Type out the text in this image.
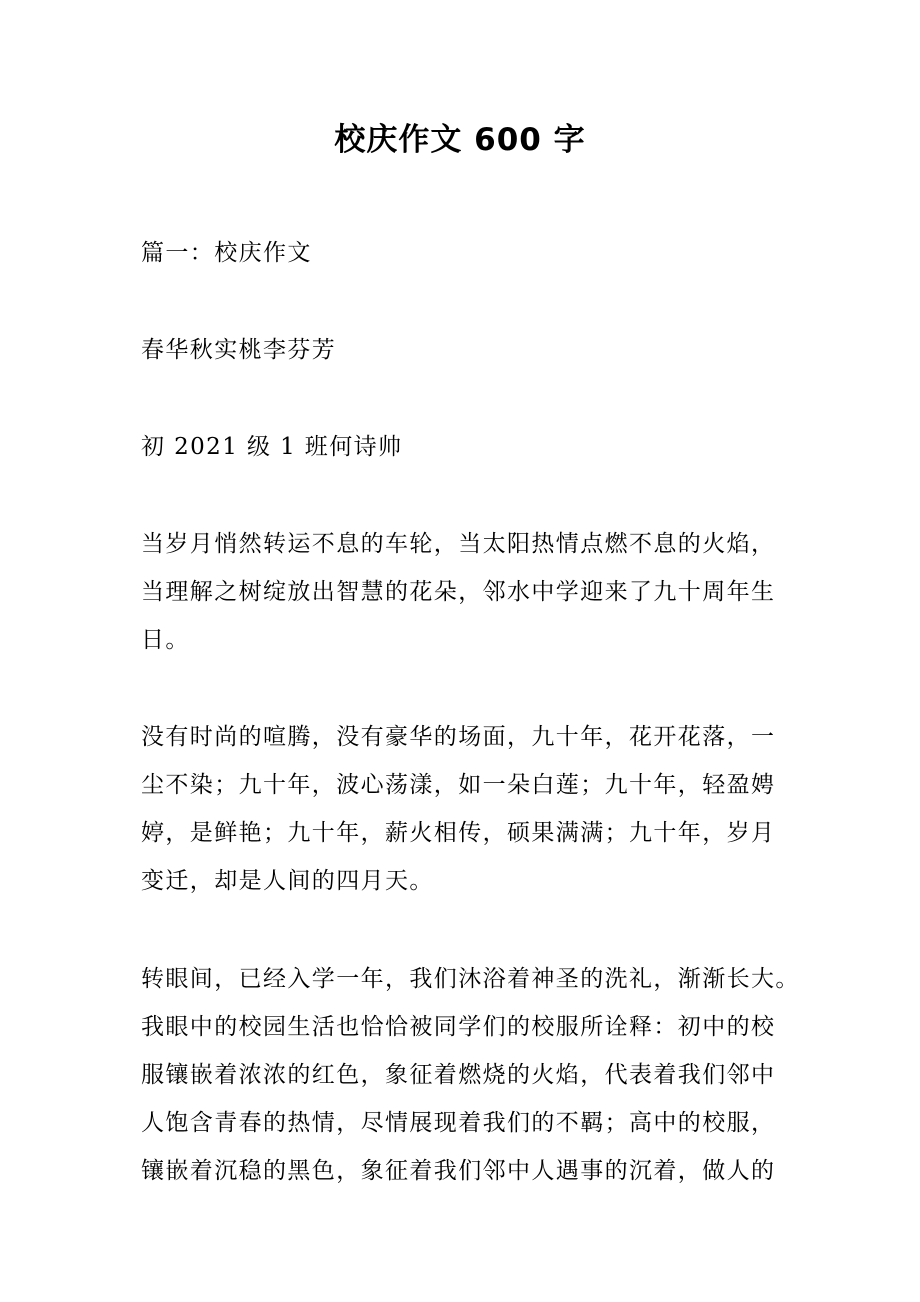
校庆作文 600 字
篇一：校庆作文
春华秋实桃李芬芳
初 2021 级 1 班何诗帅
当岁月悄然转运不息的车轮，当太阳热情点燃不息的火焰，
当理解之树绽放出智慧的花朵，邻水中学迎来了九十周年生
日。
没有时尚的喧腾，没有豪华的场面，九十年，花开花落，一
尘不染；九十年，波心荡漾，如一朵白莲；九十年，轻盈娉
婷，是鲜艳；九十年，薪火相传，硕果满满；九十年，岁月
变迁，却是人间的四月天。
转眼间，已经入学一年，我们沐浴着神圣的洗礼，渐渐长大。
我眼中的校园生活也恰恰被同学们的校服所诠释：初中的校
服镶嵌着浓浓的红色，象征着燃烧的火焰，代表着我们邻中
人饱含青春的热情，尽情展现着我们的不羁；高中的校服，
镶嵌着沉稳的黑色，象征着我们邻中人遇事的沉着，做人的
